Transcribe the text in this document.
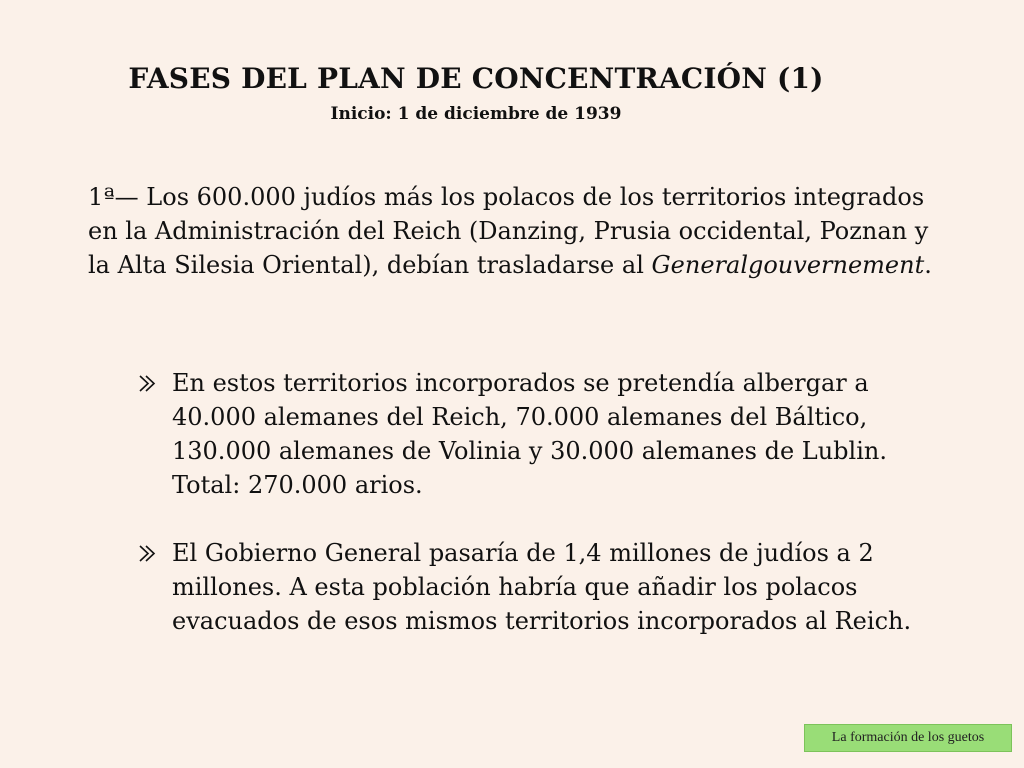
FASES DEL PLAN DE CONCENTRACIÓN (1)

Inicio: 1 de diciembre de 1939

1ª— Los 600.000 judíos más los polacos de los territorios integrados en la Administración del Reich (Danzing, Prusia occidental, Poznan y la Alta Silesia Oriental), debían trasladarse al Generalgouvernement.

En estos territorios incorporados se pretendía albergar a 40.000 alemanes del Reich, 70.000 alemanes del Báltico, 130.000 alemanes de Volinia y 30.000 alemanes de Lublin. Total: 270.000 arios.
El Gobierno General pasaría de 1,4 millones de judíos a 2 millones. A esta población habría que añadir los polacos evacuados de esos mismos territorios incorporados al Reich.
La formación de los guetos
